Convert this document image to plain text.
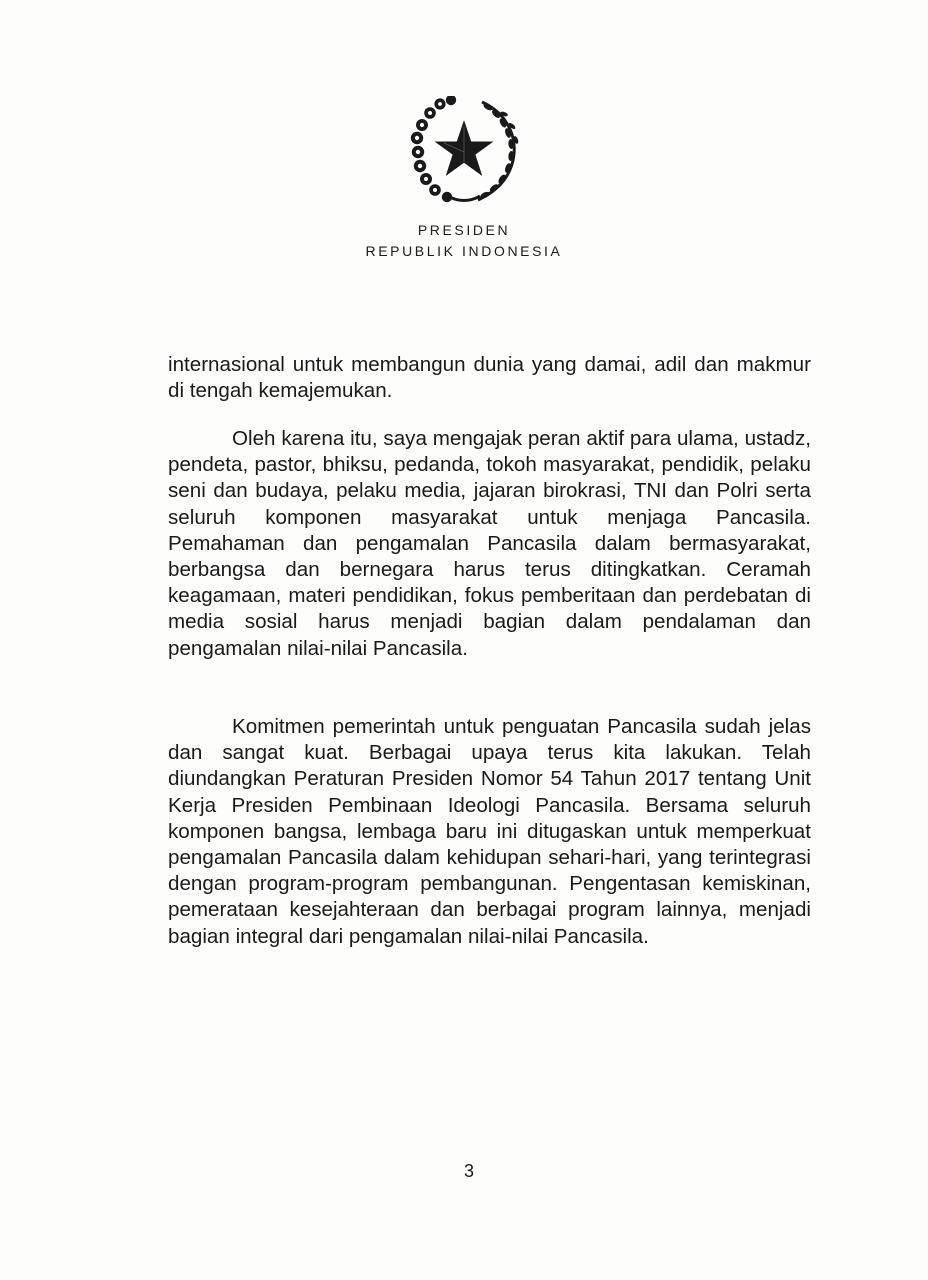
PRESIDEN
REPUBLIK INDONESIA

internasional untuk membangun dunia yang damai, adil dan makmur di tengah kemajemukan.

Oleh karena itu, saya mengajak peran aktif para ulama, ustadz, pendeta, pastor, bhiksu, pedanda, tokoh masyarakat, pendidik, pelaku seni dan budaya, pelaku media, jajaran birokrasi, TNI dan Polri serta seluruh komponen masyarakat untuk menjaga Pancasila. Pemahaman dan pengamalan Pancasila dalam bermasyarakat, berbangsa dan bernegara harus terus ditingkatkan. Ceramah keagamaan, materi pendidikan, fokus pemberitaan dan perdebatan di media sosial harus menjadi bagian dalam pendalaman dan pengamalan nilai-nilai Pancasila.

Komitmen pemerintah untuk penguatan Pancasila sudah jelas dan sangat kuat. Berbagai upaya terus kita lakukan. Telah diundangkan Peraturan Presiden Nomor 54 Tahun 2017 tentang Unit Kerja Presiden Pembinaan Ideologi Pancasila. Bersama seluruh komponen bangsa, lembaga baru ini ditugaskan untuk memperkuat pengamalan Pancasila dalam kehidupan sehari-hari, yang terintegrasi dengan program-program pembangunan. Pengentasan kemiskinan, pemerataan kesejahteraan dan berbagai program lainnya, menjadi bagian integral dari pengamalan nilai-nilai Pancasila.

3
